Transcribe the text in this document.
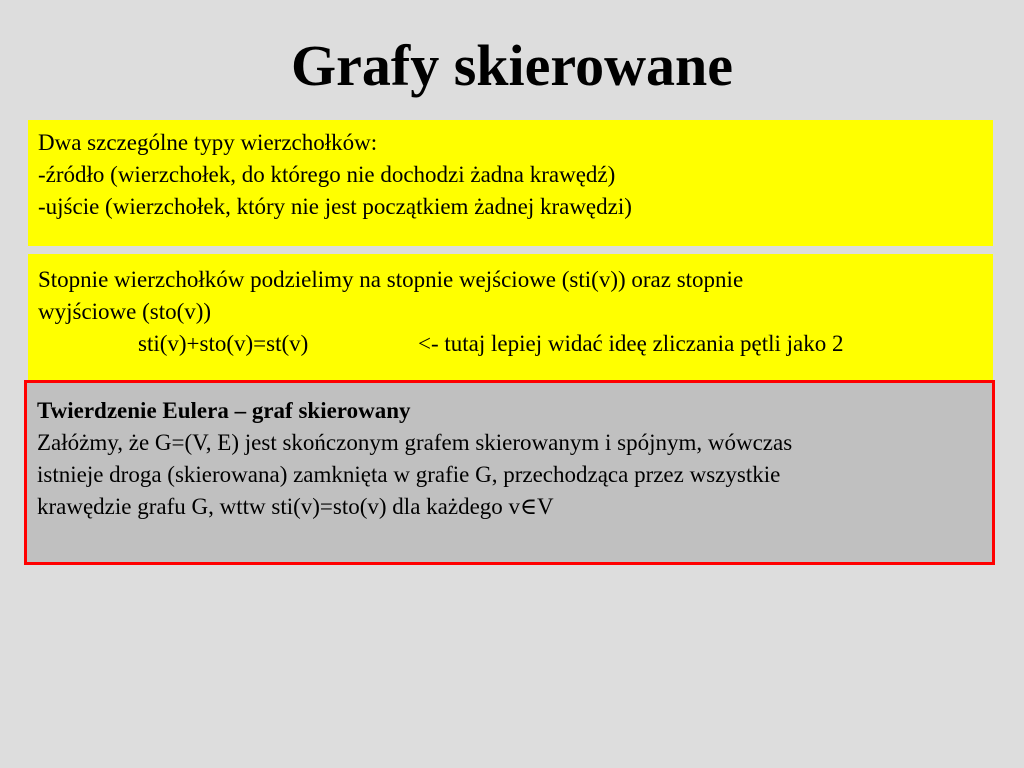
Grafy skierowane
Dwa szczególne typy wierzchołków:
-źródło (wierzchołek, do którego nie dochodzi żadna krawędź)
-ujście (wierzchołek, który nie jest początkiem żadnej krawędzi)
Stopnie wierzchołków podzielimy na stopnie wejściowe (sti(v)) oraz stopnie
wyjściowe (sto(v))
sti(v)+sto(v)=st(v)	<- tutaj lepiej widać ideę zliczania pętli jako 2
Twierdzenie Eulera – graf skierowany
Załóżmy, że G=(V, E) jest skończonym grafem skierowanym i spójnym, wówczas
istnieje droga (skierowana) zamknięta w grafie G, przechodząca przez wszystkie
krawędzie grafu G, wttw sti(v)=sto(v) dla każdego v∈V
